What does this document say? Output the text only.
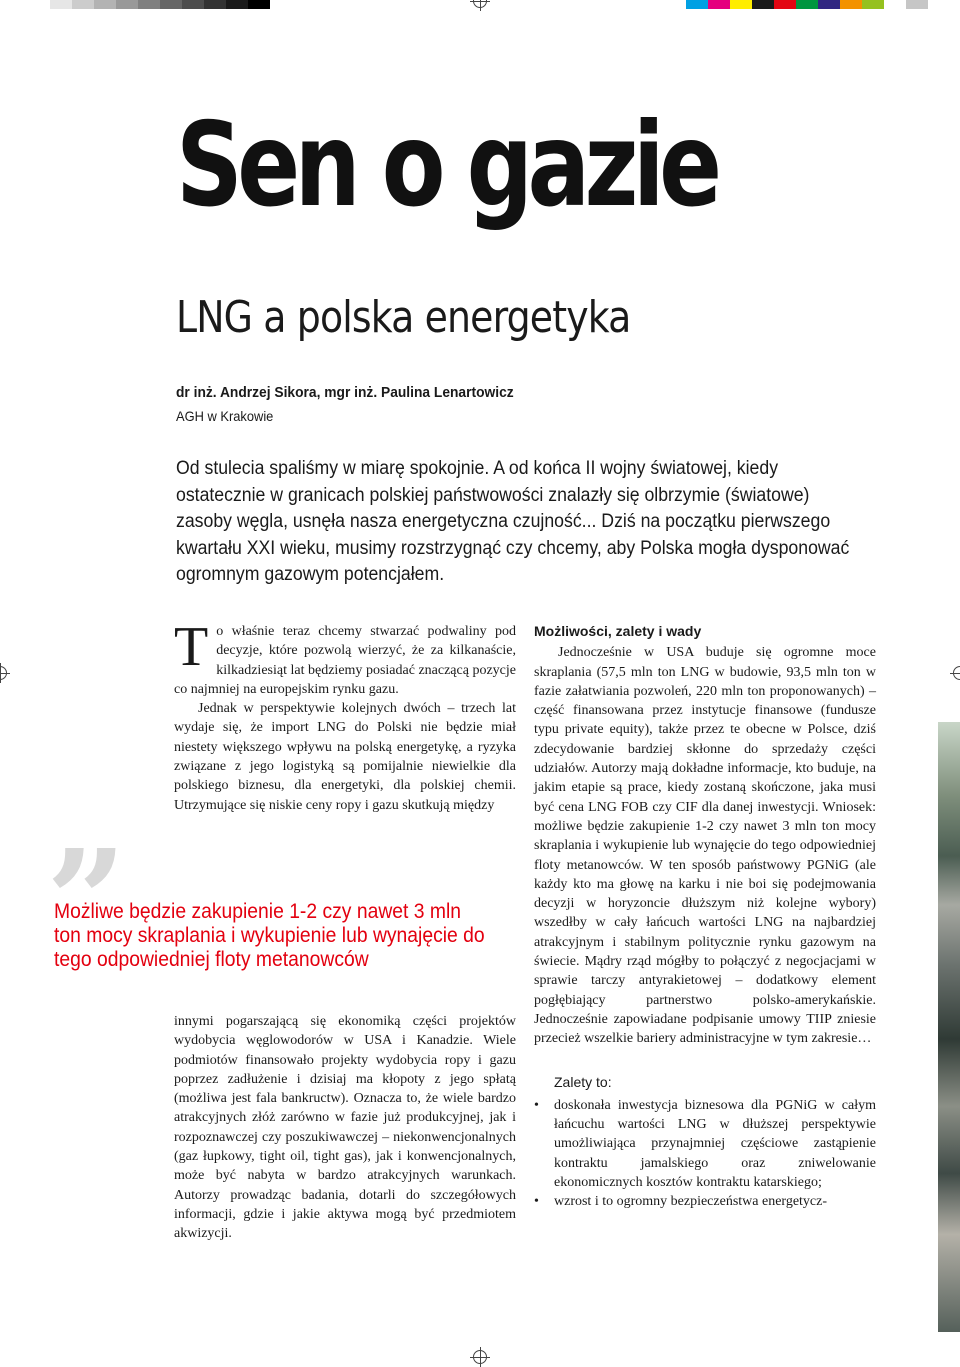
Sen o gazie
LNG a polska energetyka
dr inż. Andrzej Sikora, mgr inż. Paulina Lenartowicz
AGH w Krakowie

Od stulecia spaliśmy w miarę spokojnie. A od końca II wojny światowej, kiedy ostatecznie w granicach polskiej państwowości znalazły się olbrzymie (światowe) zasoby węgla, usnęła nasza energetyczna czujność... Dziś na początku pierwszego kwartału XXI wieku, musimy rozstrzygnąć czy chcemy, aby Polska mogła dysponować ogromnym gazowym potencjałem.

To właśnie teraz chcemy stwarzać podwaliny pod decyzje, które pozwolą wierzyć, że za kilkanaście, kilkadziesiąt lat będziemy posiadać znaczącą pozycje co najmniej na europejskim rynku gazu.

Jednak w perspektywie kolejnych dwóch – trzech lat wydaje się, że import LNG do Polski nie będzie miał niestety większego wpływu na polską energetykę, a ryzyka związane z jego logistyką są pomijalnie niewielkie dla polskiego biznesu, dla energetyki, dla polskiej chemii. Utrzymujące się niskie ceny ropy i gazu skutkują między

”

Możliwe będzie zakupienie 1-2 czy nawet 3 mln ton mocy skraplania i wykupienie lub wynajęcie do tego odpowiedniej floty metanowców

innymi pogarszającą się ekonomiką części projektów wydobycia węglowodorów w USA i Kanadzie. Wiele podmiotów finansowało projekty wydobycia ropy i gazu poprzez zadłużenie i dzisiaj ma kłopoty z jego spłatą (możliwa jest fala bankructw). Oznacza to, że wiele bardzo atrakcyjnych złóż zarówno w fazie już produkcyjnej, jak i rozpoznawczej czy poszukiwawczej – niekonwencjonalnych (gaz łupkowy, tight oil, tight gas), jak i konwencjonalnych, może być nabyta w bardzo atrakcyjnych warunkach. Autorzy prowadząc badania, dotarli do szczegółowych informacji, gdzie i jakie aktywa mogą być przedmiotem akwizycji.

Możliwości, zalety i wady

Jednocześnie w USA buduje się ogromne moce skraplania (57,5 mln ton LNG w budowie, 93,5 mln ton w fazie załatwiania pozwoleń, 220 mln ton proponowanych) – część finansowana przez instytucje finansowe (fundusze typu private equity), także przez te obecne w Polsce, dziś zdecydowanie bardziej skłonne do sprzedaży części udziałów. Autorzy mają dokładne informacje, kto buduje, na jakim etapie są prace, kiedy zostaną skończone, jaka musi być cena LNG FOB czy CIF dla danej inwestycji. Wniosek: możliwe będzie zakupienie 1-2 czy nawet 3 mln ton mocy skraplania i wykupienie lub wynajęcie do tego odpowiedniej floty metanowców. W ten sposób państwowy PGNiG (ale każdy kto ma głowę na karku i nie boi się podejmowania decyzji w horyzoncie dłuższym niż kolejne wybory) wszedłby w cały łańcuch wartości LNG na najbardziej atrakcyjnym i stabilnym politycznie rynku gazowym na świecie. Mądry rząd mógłby to połączyć z negocjacjami w sprawie tarczy antyrakietowej – dodatkowy element pogłębiający partnerstwo polsko-amerykańskie. Jednocześnie zapowiadane podpisanie umowy TIIP zniesie przecież wszelkie bariery administracyjne w tym zakresie…

Zalety to:
• doskonała inwestycja biznesowa dla PGNiG w całym łańcuchu wartości LNG w dłuższej perspektywie umożliwiająca przynajmniej częściowe zastąpienie kontraktu jamalskiego oraz zniwelowanie ekonomicznych kosztów kontraktu katarskiego;
• wzrost i to ogromny bezpieczeństwa energetycz-
